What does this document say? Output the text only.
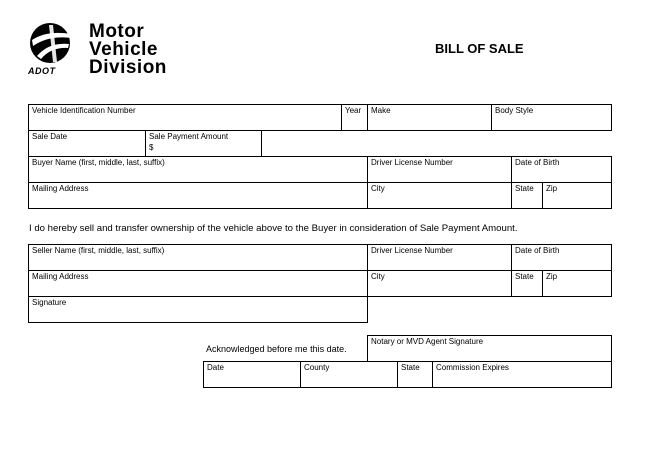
ADOT
Motor
Vehicle
Division
BILL OF SALE
Vehicle Identification Number	Year Make	Body Style
Sale Date	Sale Payment Amount
$
Buyer Name (first, middle, last, suffix)	Driver License Number	Date of Birth
Mailing Address	City	State Zip
I do hereby sell and transfer ownership of the vehicle above to the Buyer in consideration of Sale Payment Amount.
Seller Name (first, middle, last, suffix)	Driver License Number	Date of Birth
Mailing Address	City	State Zip
Signature
Acknowledged before me this date.
Notary or MVD Agent Signature
Date	County	State Commission Expires
